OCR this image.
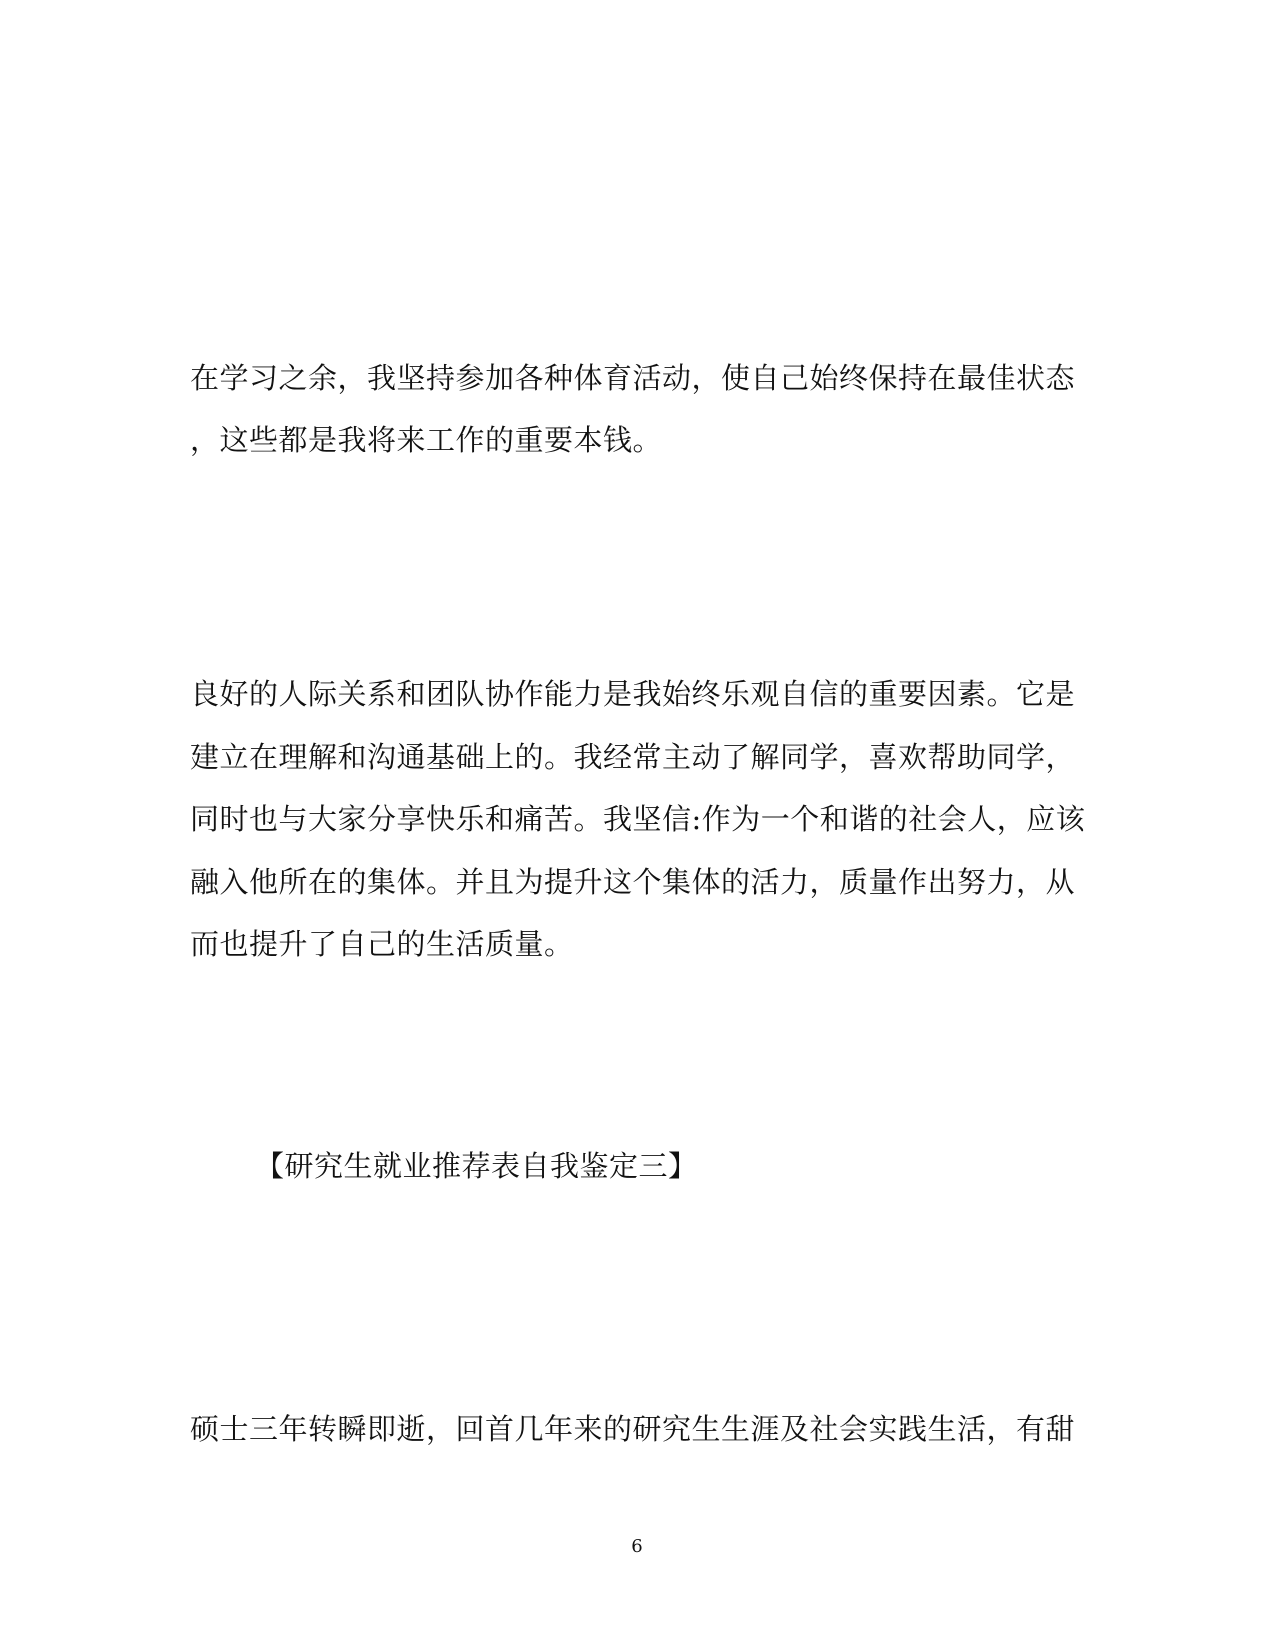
在学习之余，我坚持参加各种体育活动，使自己始终保持在最佳状态
，这些都是我将来工作的重要本钱。
良好的人际关系和团队协作能力是我始终乐观自信的重要因素。它是
建立在理解和沟通基础上的。我经常主动了解同学，喜欢帮助同学，
同时也与大家分享快乐和痛苦。我坚信:作为一个和谐的社会人，应该
融入他所在的集体。并且为提升这个集体的活力，质量作出努力，从
而也提升了自己的生活质量。
【研究生就业推荐表自我鉴定三】
硕士三年转瞬即逝，回首几年来的研究生生涯及社会实践生活，有甜
6
